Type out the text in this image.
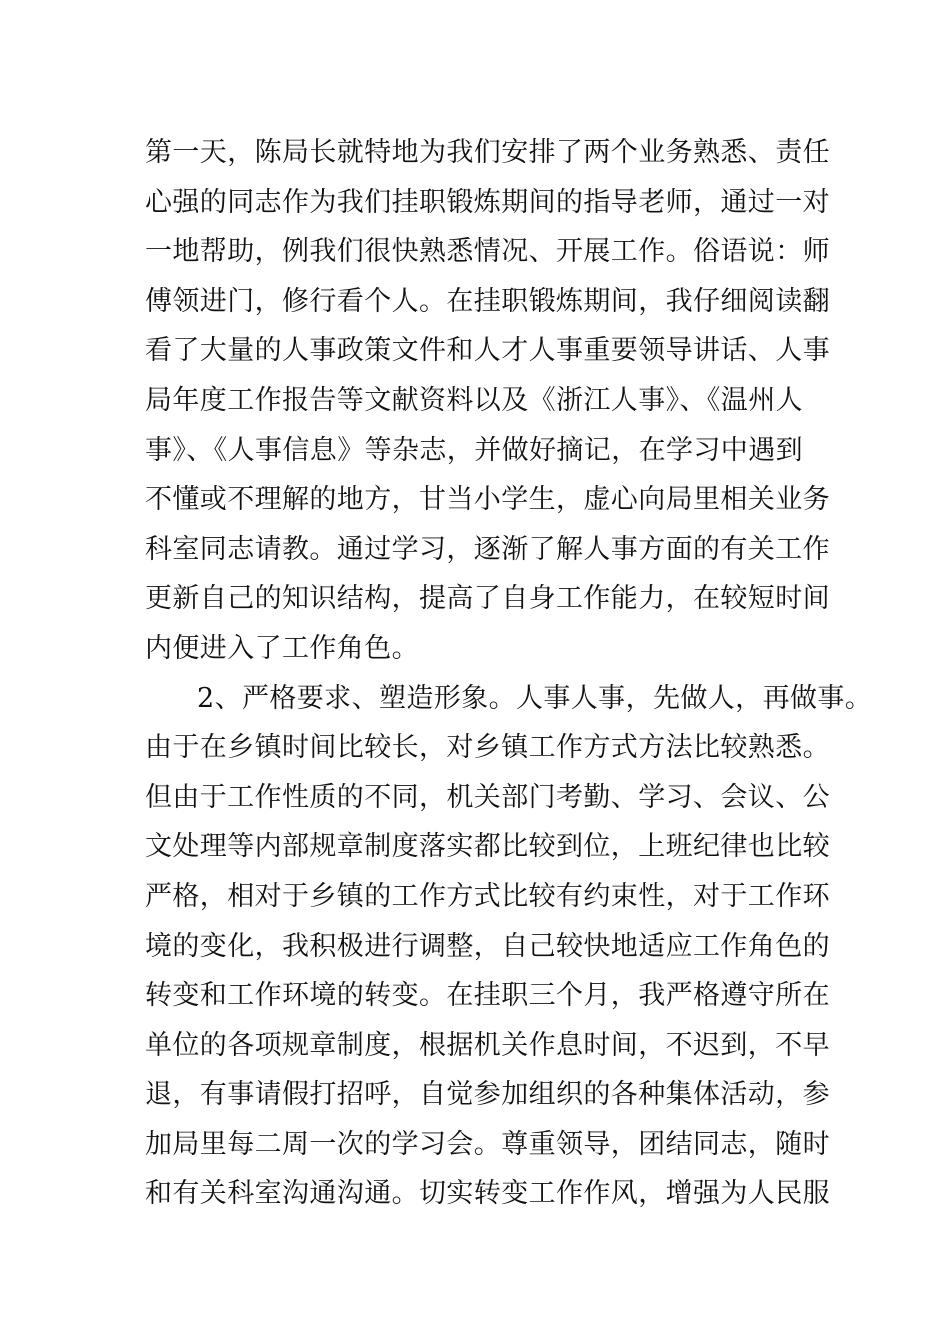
第一天，陈局长就特地为我们安排了两个业务熟悉、责任
心强的同志作为我们挂职锻炼期间的指导老师，通过一对
一地帮助，例我们很快熟悉情况、开展工作。俗语说：师
傅领进门，修行看个人。在挂职锻炼期间，我仔细阅读翻
看了大量的人事政策文件和人才人事重要领导讲话、人事
局年度工作报告等文献资料以及《浙江人事》、《温州人
事》、《人事信息》等杂志，并做好摘记，在学习中遇到
不懂或不理解的地方，甘当小学生，虚心向局里相关业务
科室同志请教。通过学习，逐渐了解人事方面的有关工作
更新自己的知识结构，提高了自身工作能力，在较短时间
内便进入了工作角色。
2、严格要求、塑造形象。人事人事，先做人，再做事。
由于在乡镇时间比较长，对乡镇工作方式方法比较熟悉。
但由于工作性质的不同，机关部门考勤、学习、会议、公
文处理等内部规章制度落实都比较到位，上班纪律也比较
严格，相对于乡镇的工作方式比较有约束性，对于工作环
境的变化，我积极进行调整，自己较快地适应工作角色的
转变和工作环境的转变。在挂职三个月，我严格遵守所在
单位的各项规章制度，根据机关作息时间，不迟到，不早
退，有事请假打招呼，自觉参加组织的各种集体活动，参
加局里每二周一次的学习会。尊重领导，团结同志，随时
和有关科室沟通沟通。切实转变工作作风，增强为人民服
